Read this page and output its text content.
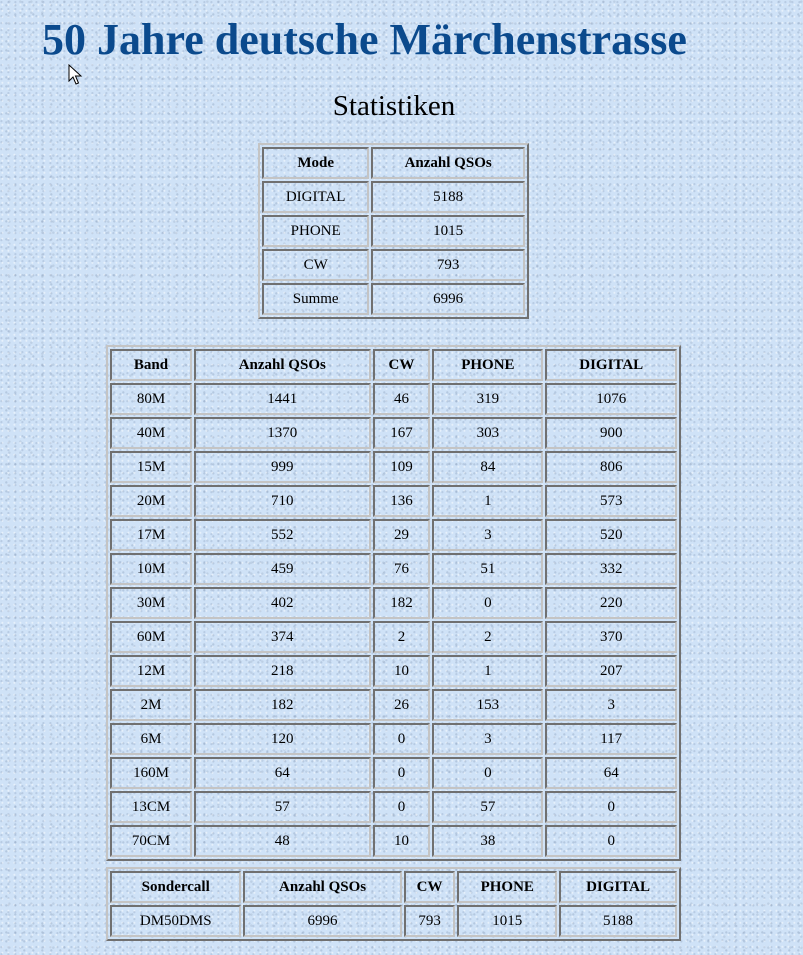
50 Jahre deutsche Märchenstrasse
Statistiken
Mode	Anzahl QSOs
DIGITAL	5188
PHONE	1015
CW	793
Summe	6996
Band	Anzahl QSOs	CW	PHONE	DIGITAL
80M	1441	46	319	1076
40M	1370	167	303	900
15M	999	109	84	806
20M	710	136	1	573
17M	552	29	3	520
10M	459	76	51	332
30M	402	182	0	220
60M	374	2	2	370
12M	218	10	1	207
2M	182	26	153	3
6M	120	0	3	117
160M	64	0	0	64
13CM	57	0	57	0
70CM	48	10	38	0
Sondercall	Anzahl QSOs	CW	PHONE	DIGITAL
DM50DMS	6996	793	1015	5188
